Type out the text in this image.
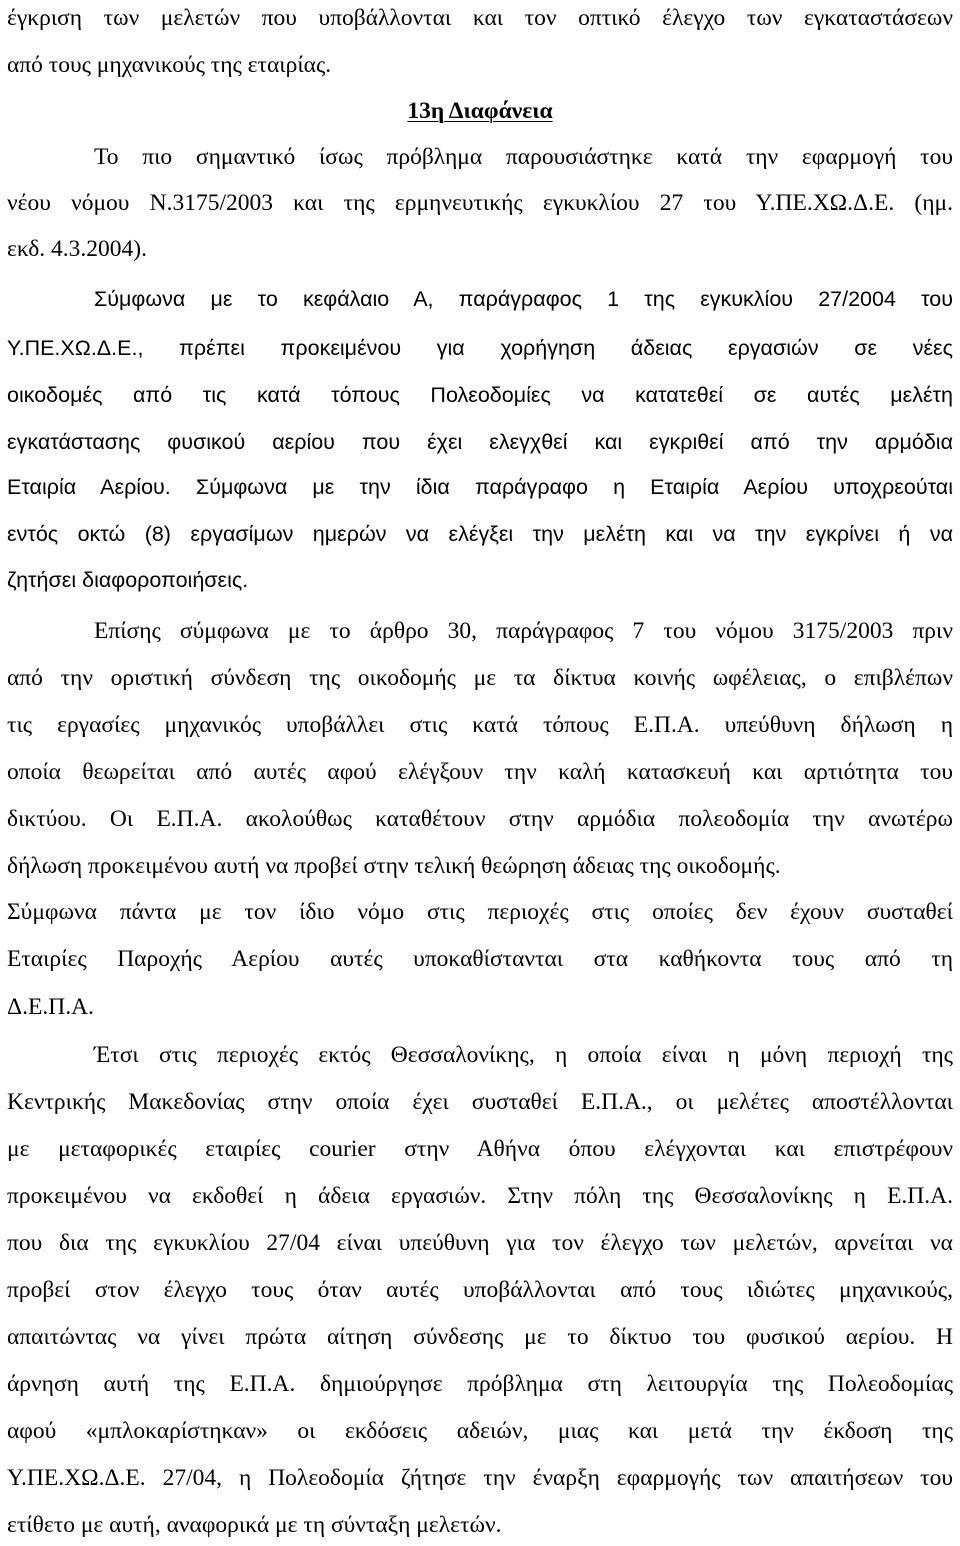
έγκριση των μελετών που υποβάλλονται και τον οπτικό έλεγχο των εγκαταστάσεων
από τους μηχανικούς της εταιρίας.
13η Διαφάνεια
Το πιο σημαντικό ίσως πρόβλημα παρουσιάστηκε κατά την εφαρμογή του
νέου νόμου Ν.3175/2003 και της ερμηνευτικής εγκυκλίου 27 του Υ.ΠΕ.ΧΩ.Δ.Ε. (ημ.
εκδ. 4.3.2004).
Σύμφωνα με το κεφάλαιο Α, παράγραφος 1 της εγκυκλίου 27/2004 του
Υ.ΠΕ.ΧΩ.Δ.Ε., πρέπει προκειμένου για χορήγηση άδειας εργασιών σε νέες
οικοδομές από τις κατά τόπους Πολεοδομίες να κατατεθεί σε αυτές μελέτη
εγκατάστασης φυσικού αερίου που έχει ελεγχθεί και εγκριθεί από την αρμόδια
Εταιρία Αερίου. Σύμφωνα με την ίδια παράγραφο η Εταιρία Αερίου υποχρεούται
εντός οκτώ (8) εργασίμων ημερών να ελέγξει την μελέτη και να την εγκρίνει ή να
ζητήσει διαφοροποιήσεις.
Επίσης σύμφωνα με το άρθρο 30, παράγραφος 7 του νόμου 3175/2003 πριν
από την οριστική σύνδεση της οικοδομής με τα δίκτυα κοινής ωφέλειας, ο επιβλέπων
τις εργασίες μηχανικός υποβάλλει στις κατά τόπους Ε.Π.Α. υπεύθυνη δήλωση η
οποία θεωρείται από αυτές αφού ελέγξουν την καλή κατασκευή και αρτιότητα του
δικτύου. Οι Ε.Π.Α. ακολούθως καταθέτουν στην αρμόδια πολεοδομία την ανωτέρω
δήλωση προκειμένου αυτή να προβεί στην τελική θεώρηση άδειας της οικοδομής.
Σύμφωνα πάντα με τον ίδιο νόμο στις περιοχές στις οποίες δεν έχουν συσταθεί
Εταιρίες Παροχής Αερίου αυτές υποκαθίστανται στα καθήκοντα τους από τη
Δ.Ε.Π.Α.
Έτσι στις περιοχές εκτός Θεσσαλονίκης, η οποία είναι η μόνη περιοχή της
Κεντρικής Μακεδονίας στην οποία έχει συσταθεί Ε.Π.Α., οι μελέτες αποστέλλονται
με μεταφορικές εταιρίες courier στην Αθήνα όπου ελέγχονται και επιστρέφουν
προκειμένου να εκδοθεί η άδεια εργασιών. Στην πόλη της Θεσσαλονίκης η Ε.Π.Α.
που δια της εγκυκλίου 27/04 είναι υπεύθυνη για τον έλεγχο των μελετών, αρνείται να
προβεί στον έλεγχο τους όταν αυτές υποβάλλονται από τους ιδιώτες μηχανικούς,
απαιτώντας να γίνει πρώτα αίτηση σύνδεσης με το δίκτυο του φυσικού αερίου. Η
άρνηση αυτή της Ε.Π.Α. δημιούργησε πρόβλημα στη λειτουργία της Πολεοδομίας
αφού «μπλοκαρίστηκαν» οι εκδόσεις αδειών, μιας και μετά την έκδοση της
Υ.ΠΕ.ΧΩ.Δ.Ε. 27/04, η Πολεοδομία ζήτησε την έναρξη εφαρμογής των απαιτήσεων του
ετίθετο με αυτή, αναφορικά με τη σύνταξη μελετών.
